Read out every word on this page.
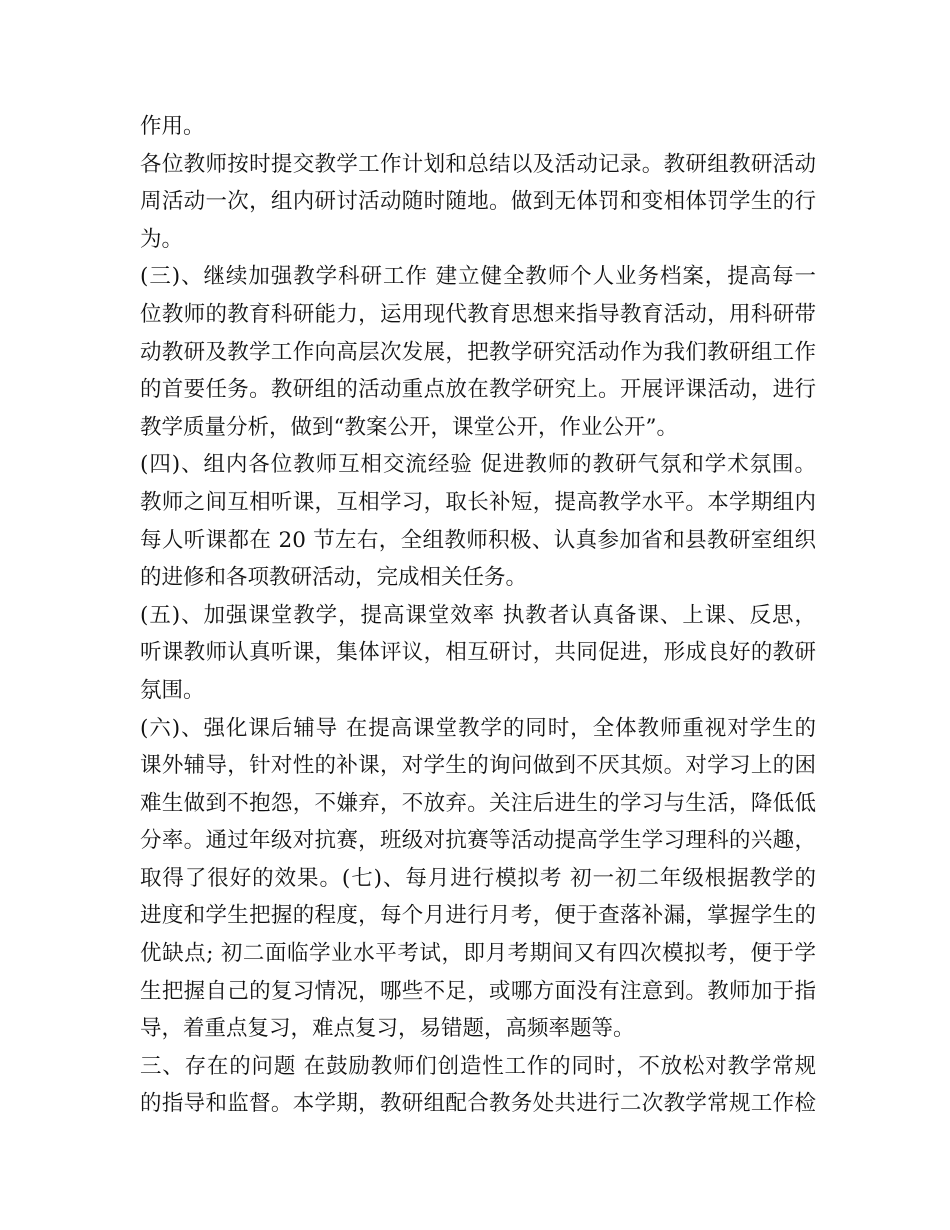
作用。
各位教师按时提交教学工作计划和总结以及活动记录。教研组教研活动
周活动一次，组内研讨活动随时随地。做到无体罚和变相体罚学生的行
为。
(三)、继续加强教学科研工作 建立健全教师个人业务档案，提高每一
位教师的教育科研能力，运用现代教育思想来指导教育活动，用科研带
动教研及教学工作向高层次发展，把教学研究活动作为我们教研组工作
的首要任务。教研组的活动重点放在教学研究上。开展评课活动，进行
教学质量分析，做到“教案公开，课堂公开，作业公开”。
(四)、组内各位教师互相交流经验 促进教师的教研气氛和学术氛围。
教师之间互相听课，互相学习，取长补短，提高教学水平。本学期组内
每人听课都在 20 节左右，全组教师积极、认真参加省和县教研室组织
的进修和各项教研活动，完成相关任务。
(五)、加强课堂教学，提高课堂效率 执教者认真备课、上课、反思，
听课教师认真听课，集体评议，相互研讨，共同促进，形成良好的教研
氛围。
(六)、强化课后辅导 在提高课堂教学的同时，全体教师重视对学生的
课外辅导，针对性的补课，对学生的询问做到不厌其烦。对学习上的困
难生做到不抱怨，不嫌弃，不放弃。关注后进生的学习与生活，降低低
分率。通过年级对抗赛，班级对抗赛等活动提高学生学习理科的兴趣，
取得了很好的效果。(七)、每月进行模拟考 初一初二年级根据教学的
进度和学生把握的程度，每个月进行月考，便于查落补漏，掌握学生的
优缺点; 初二面临学业水平考试，即月考期间又有四次模拟考，便于学
生把握自己的复习情况，哪些不足，或哪方面没有注意到。教师加于指
导，着重点复习，难点复习，易错题，高频率题等。
三、存在的问题 在鼓励教师们创造性工作的同时，不放松对教学常规
的指导和监督。本学期，教研组配合教务处共进行二次教学常规工作检
